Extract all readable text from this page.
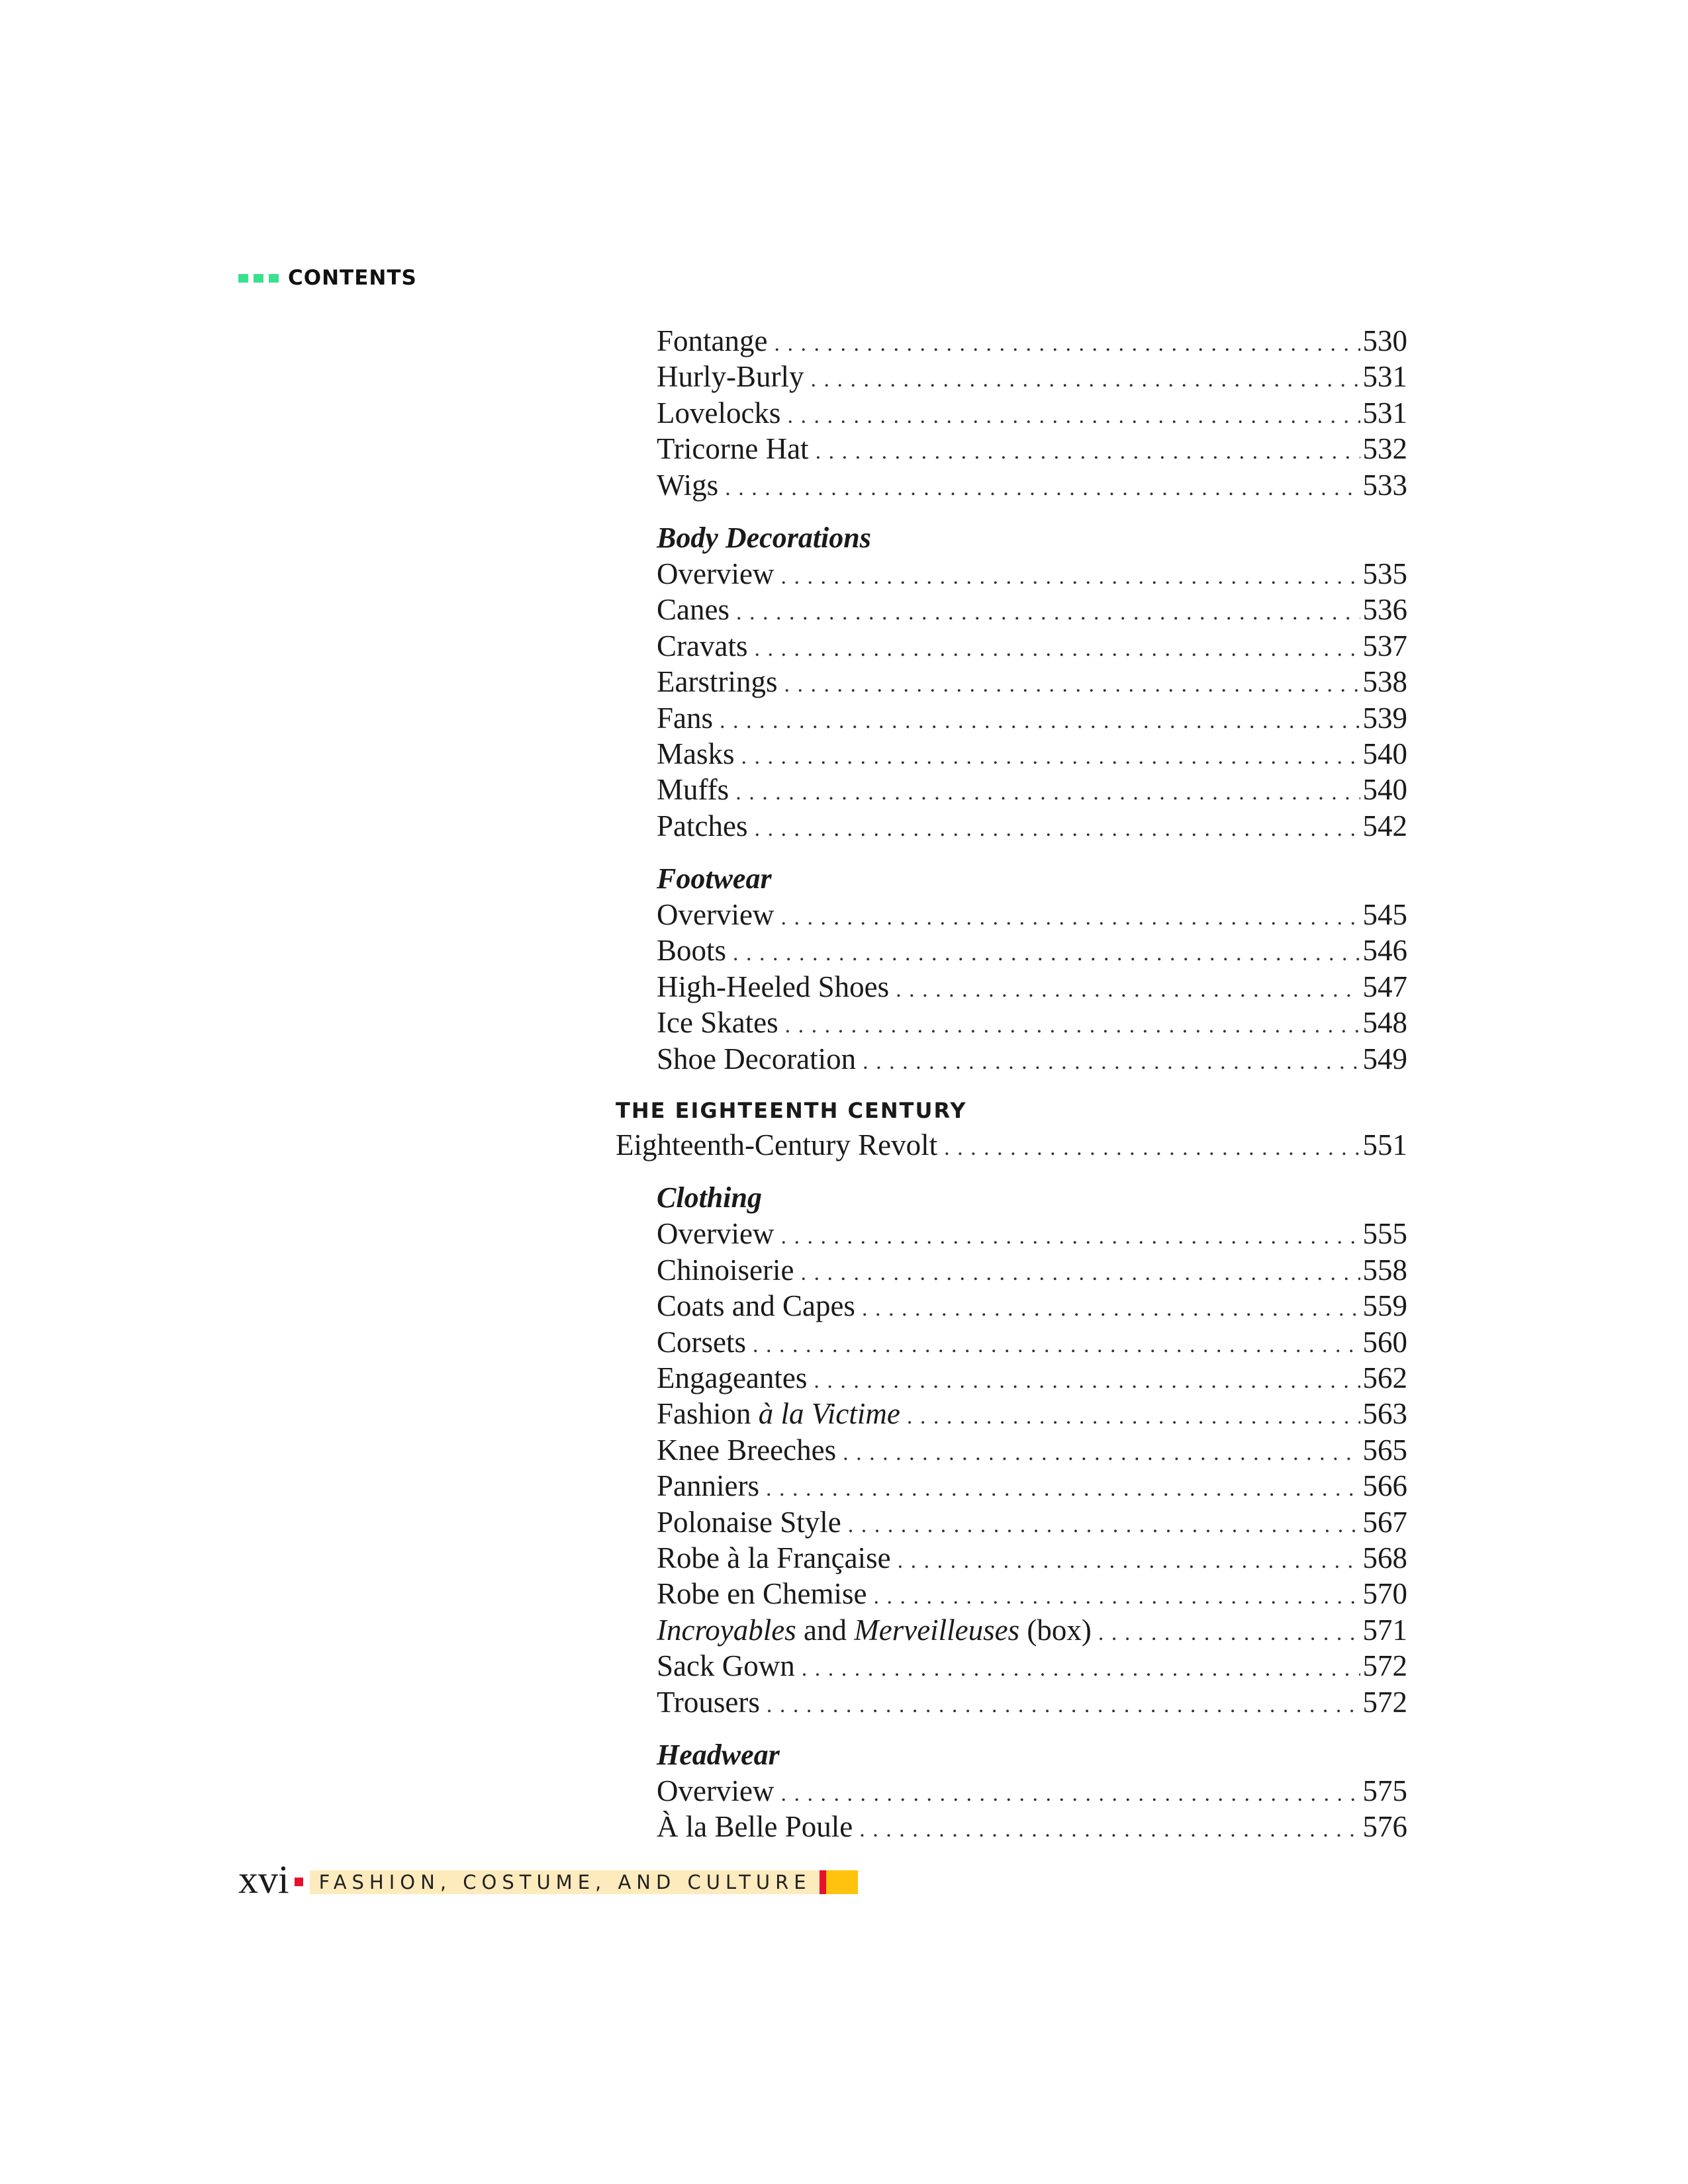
CONTENTS
Fontange . . .	530
Hurly-Burly . . .	531
Lovelocks . . .	531
Tricorne Hat . . .	532
Wigs . . .	533
Body Decorations
Overview . . .	535
Canes . . .	536
Cravats . . .	537
Earstrings . . .	538
Fans . . .	539
Masks . . .	540
Muffs . . .	540
Patches . . .	542
Footwear
Overview . . .	545
Boots . . .	546
High-Heeled Shoes . . .	547
Ice Skates . . .	548
Shoe Decoration . . .	549
THE EIGHTEENTH CENTURY
Eighteenth-Century Revolt . . .	551
Clothing
Overview . . .	555
Chinoiserie . . .	558
Coats and Capes . . .	559
Corsets . . .	560
Engageantes . . .	562
Fashion à la Victime . . .	563
Knee Breeches . . .	565
Panniers . . .	566
Polonaise Style . . .	567
Robe à la Française . . .	568
Robe en Chemise . . .	570
Incroyables and Merveilleuses (box) . . .	571
Sack Gown . . .	572
Trousers . . .	572
Headwear
Overview . . .	575
À la Belle Poule . . .	576
xvi FASHION, COSTUME, AND CULTURE
